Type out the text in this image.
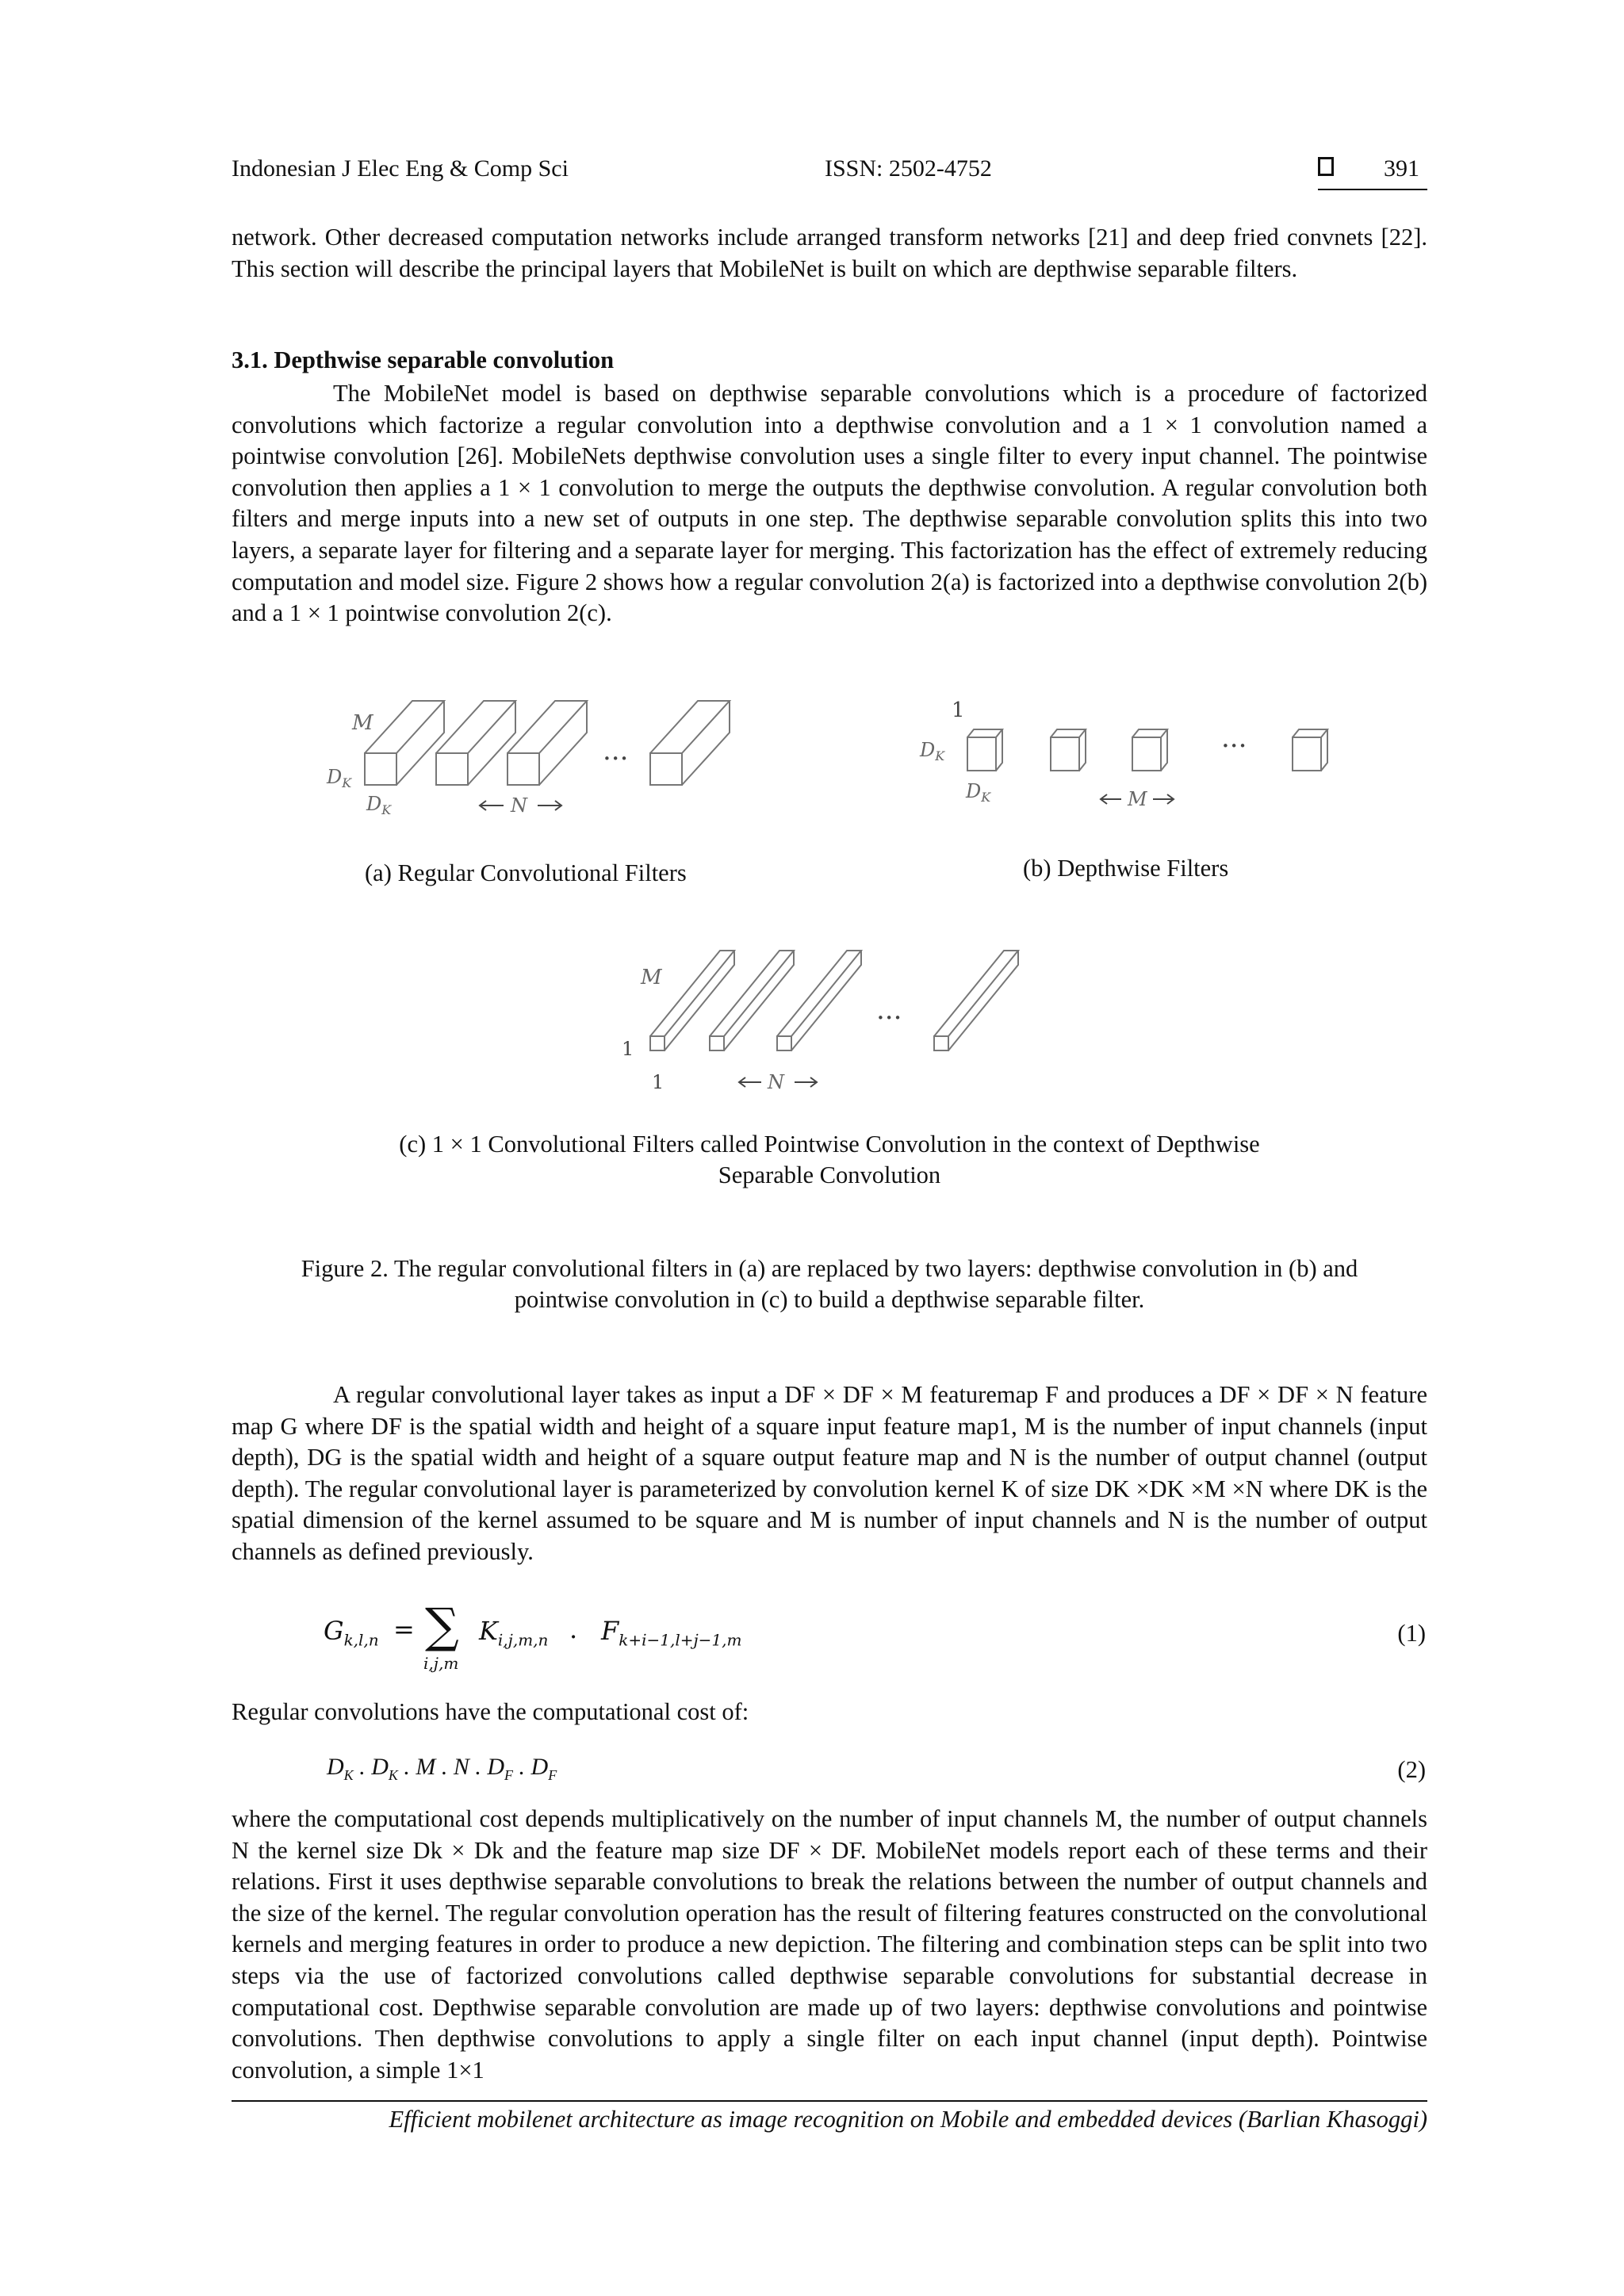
Indonesian J Elec Eng & Comp Sci	ISSN: 2502-4752	391

network. Other decreased computation networks include arranged transform networks [21] and deep fried convnets [22]. This section will describe the principal layers that MobileNet is built on which are depthwise separable filters.

3.1. Depthwise separable convolution

The MobileNet model is based on depthwise separable convolutions which is a procedure of factorized convolutions which factorize a regular convolution into a depthwise convolution and a 1 × 1 convolution named a pointwise convolution [26]. MobileNets depthwise convolution uses a single filter to every input channel. The pointwise convolution then applies a 1 × 1 convolution to merge the outputs the depthwise convolution. A regular convolution both filters and merge inputs into a new set of outputs in one step. The depthwise separable convolution splits this into two layers, a separate layer for filtering and a separate layer for merging. This factorization has the effect of extremely reducing computation and model size. Figure 2 shows how a regular convolution 2(a) is factorized into a depthwise convolution 2(b) and a 1 × 1 pointwise convolution 2(c).

M
$D_K$
$D_K$
...
N
(a) Regular Convolutional Filters
1
$D_K$
$D_K$
...
M
(b) Depthwise Filters
M
1
1
...
N
(c) 1 × 1 Convolutional Filters called Pointwise Convolution in the context of Depthwise
Separable Convolution
Figure 2. The regular convolutional filters in (a) are replaced by two layers: depthwise convolution in (b) and
pointwise convolution in (c) to build a depthwise separable filter.

A regular convolutional layer takes as input a DF × DF × M featuremap F and produces a DF × DF × N feature map G where DF is the spatial width and height of a square input feature map1, M is the number of input channels (input depth), DG is the spatial width and height of a square output feature map and N is the number of output channel (output depth). The regular convolutional layer is parameterized by convolution kernel K of size DK ×DK ×M ×N where DK is the spatial dimension of the kernel assumed to be square and M is number of input channels and N is the number of output channels as defined previously.

$G_{k,l,n}$ = ∑
i,j,m
$K_{i,j,m,n}$ . $F_{k+i-1,l+j-1,m}$	(1)

Regular convolutions have the computational cost of:

$D_K$ . $D_K$ . M . N . $D_F$ . $D_F$	(2)

where the computational cost depends multiplicatively on the number of input channels M, the number of output channels N the kernel size Dk × Dk and the feature map size DF × DF. MobileNet models report each of these terms and their relations. First it uses depthwise separable convolutions to break the relations between the number of output channels and the size of the kernel. The regular convolution operation has the result of filtering features constructed on the convolutional kernels and merging features in order to produce a new depiction. The filtering and combination steps can be split into two steps via the use of factorized convolutions called depthwise separable convolutions for substantial decrease in computational cost. Depthwise separable convolution are made up of two layers: depthwise convolutions and pointwise convolutions. Then depthwise convolutions to apply a single filter on each input channel (input depth). Pointwise convolution, a simple 1×1

Efficient mobilenet architecture as image recognition on Mobile and embedded devices (Barlian Khasoggi)
